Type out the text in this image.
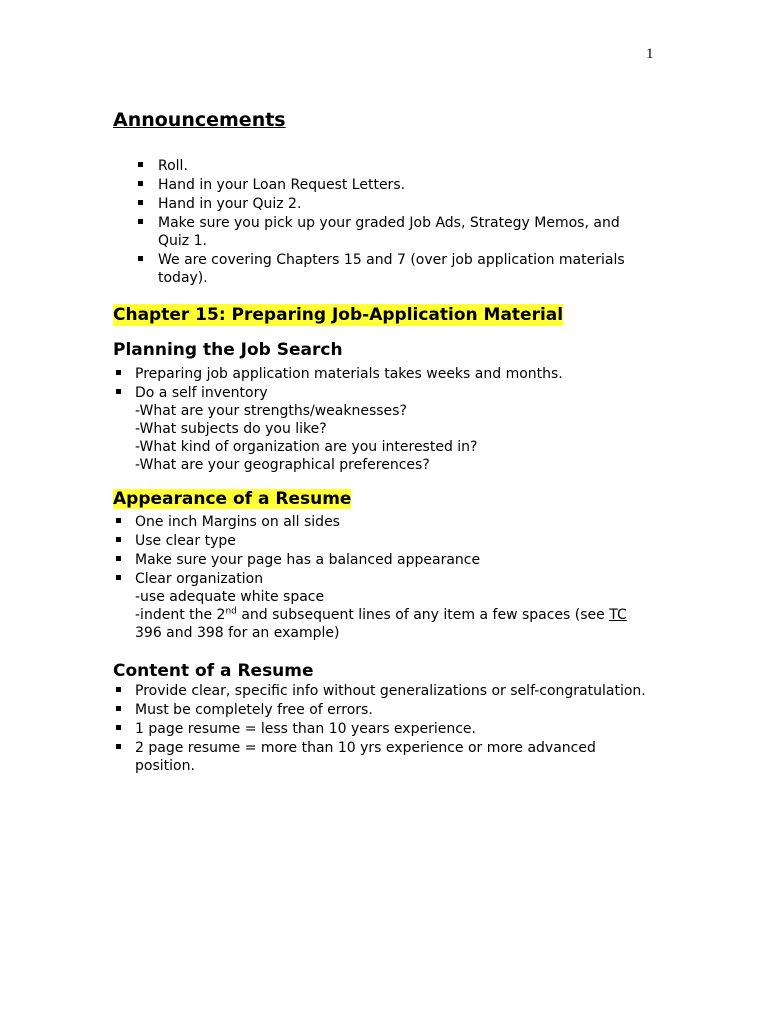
1
Announcements
Roll.
Hand in your Loan Request Letters.
Hand in your Quiz 2.
Make sure you pick up your graded Job Ads, Strategy Memos, and Quiz 1.
We are covering Chapters 15 and 7 (over job application materials today).
Chapter 15: Preparing Job-Application Material
Planning the Job Search
Preparing job application materials takes weeks and months.
Do a self inventory
-What are your strengths/weaknesses?
-What subjects do you like?
-What kind of organization are you interested in?
-What are your geographical preferences?
Appearance of a Resume
One inch Margins on all sides
Use clear type
Make sure your page has a balanced appearance
Clear organization
-use adequate white space
-indent the 2nd and subsequent lines of any item a few spaces (see TC 396 and 398 for an example)
Content of a Resume
Provide clear, specific info without generalizations or self-congratulation.
Must be completely free of errors.
1 page resume = less than 10 years experience.
2 page resume = more than 10 yrs experience or more advanced position.
